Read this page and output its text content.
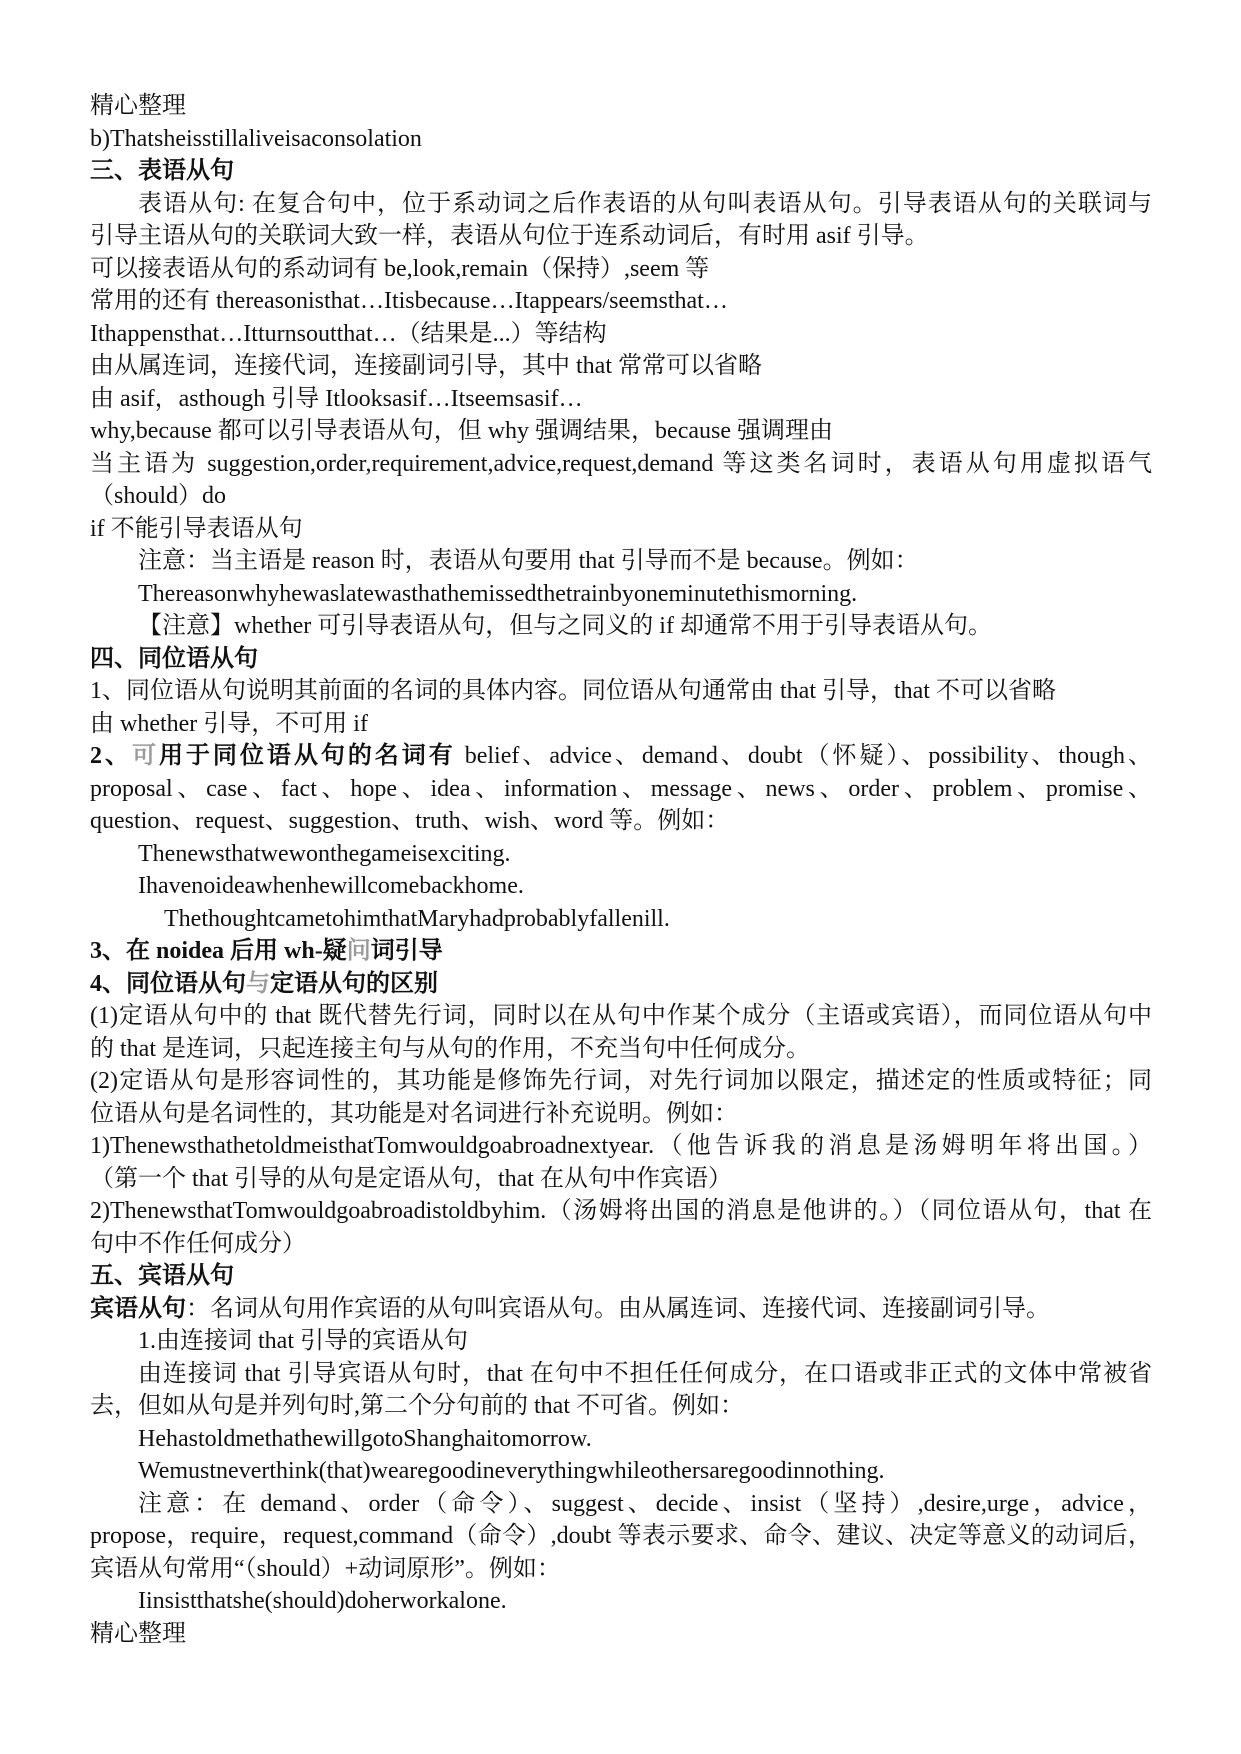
精心整理
b)Thatsheisstillaliveisaconsolation
三、表语从句
表语从句: 在复合句中，位于系动词之后作表语的从句叫表语从句。引导表语从句的关联词与
引导主语从句的关联词大致一样，表语从句位于连系动词后，有时用 asif 引导。
可以接表语从句的系动词有 be,look,remain（保持）,seem 等
常用的还有 thereasonisthat…Itisbecause…Itappears/seemsthat…
Ithappensthat…Itturnsoutthat…（结果是...）等结构
由从属连词，连接代词，连接副词引导，其中 that 常常可以省略
由 asif，asthough 引导 Itlooksasif…Itseemsasif…
why,because 都可以引导表语从句，但 why 强调结果，because 强调理由
当主语为 suggestion,order,requirement,advice,request,demand 等这类名词时，表语从句用虚拟语气
（should）do
if 不能引导表语从句
注意：当主语是 reason 时，表语从句要用 that 引导而不是 because。例如：
Thereasonwhyhewaslatewasthathemissedthetrainbyoneminutethismorning.
【注意】whether 可引导表语从句，但与之同义的 if 却通常不用于引导表语从句。
四、同位语从句
1、同位语从句说明其前面的名词的具体内容。同位语从句通常由 that 引导，that 不可以省略
由 whether 引导，不可用 if
2、可用于同位语从句的名词有 belief、advice、demand、doubt（怀疑）、possibility、though、
proposal、case、fact、hope、idea、information、message、news、order、problem、promise、
question、request、suggestion、truth、wish、word 等。例如：
Thenewsthatwewonthegameisexciting.
Ihavenoideawhenhewillcomebackhome.
ThethoughtcametohimthatMaryhadprobablyfallenill.
3、在 noidea 后用 wh-疑问词引导
4、同位语从句与定语从句的区别
(1)定语从句中的 that 既代替先行词，同时以在从句中作某个成分（主语或宾语），而同位语从句中
的 that 是连词，只起连接主句与从句的作用，不充当句中任何成分。
(2)定语从句是形容词性的，其功能是修饰先行词，对先行词加以限定，描述定的性质或特征；同
位语从句是名词性的，其功能是对名词进行补充说明。例如：
1)ThenewsthathetoldmeisthatTomwouldgoabroadnextyear.（他告诉我的消息是汤姆明年将出国。）
（第一个 that 引导的从句是定语从句，that 在从句中作宾语）
2)ThenewsthatTomwouldgoabroadistoldbyhim.（汤姆将出国的消息是他讲的。）（同位语从句，that 在
句中不作任何成分）
五、宾语从句
宾语从句：名词从句用作宾语的从句叫宾语从句。由从属连词、连接代词、连接副词引导。
1.由连接词 that 引导的宾语从句
由连接词 that 引导宾语从句时，that 在句中不担任任何成分，在口语或非正式的文体中常被省
去，但如从句是并列句时,第二个分句前的 that 不可省。例如：
HehastoldmethathewillgotoShanghaitomorrow.
Wemustneverthink(that)wearegoodineverythingwhileothersaregoodinnothing.
注意：在 demand、order（命令）、suggest、decide、insist（坚持）,desire,urge，advice，
propose，require，request,command（命令）,doubt 等表示要求、命令、建议、决定等意义的动词后，
宾语从句常用“（should）+动词原形”。例如：
Iinsistthatshe(should)doherworkalone.
精心整理
